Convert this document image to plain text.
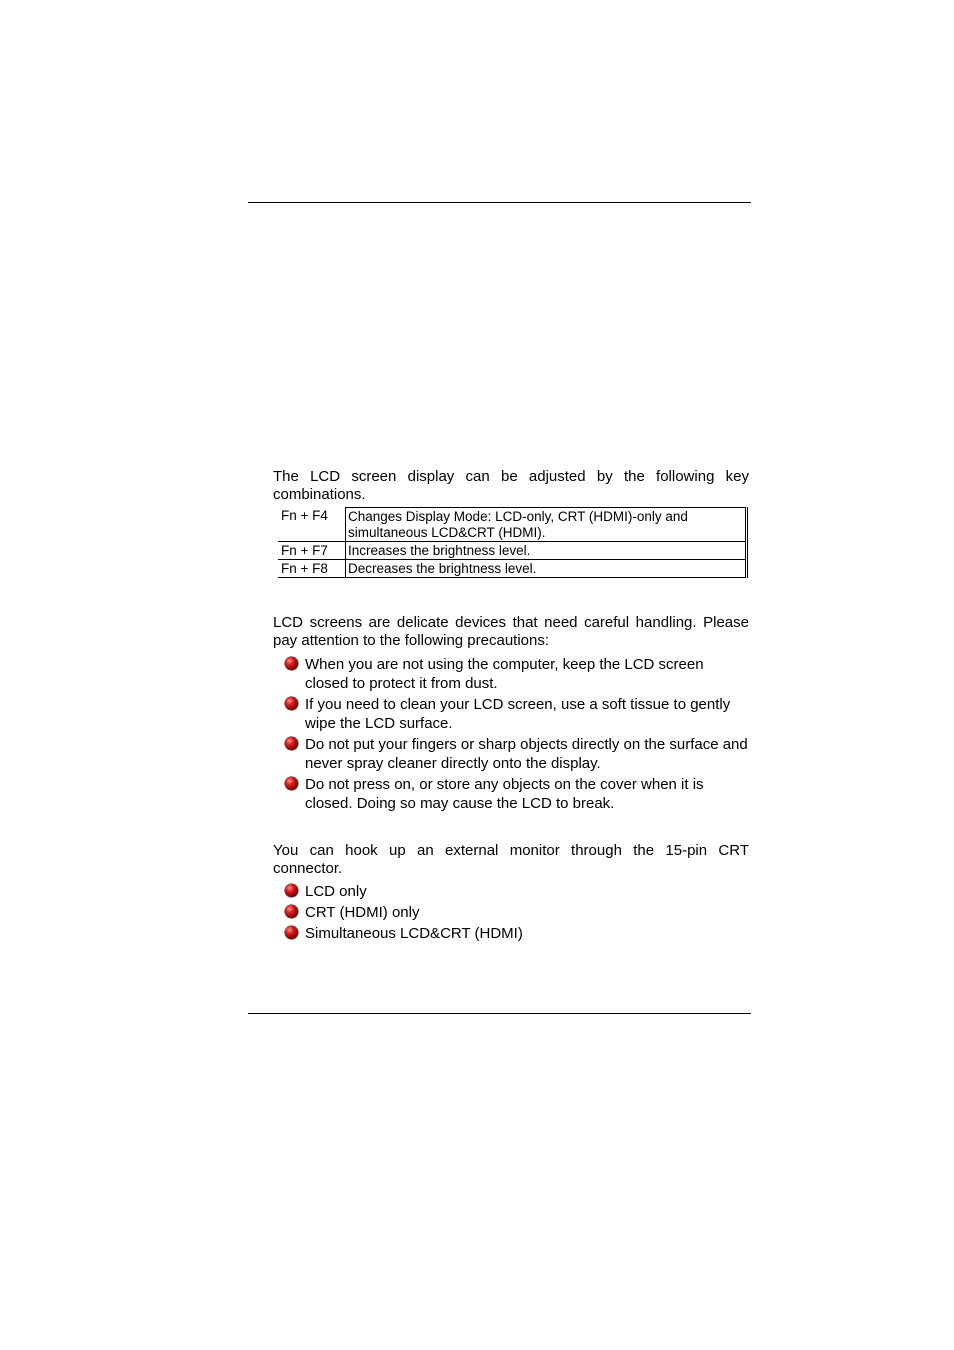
The LCD screen display can be adjusted by the following key combinations.

Fn + F4	Changes Display Mode: LCD-only, CRT (HDMI)-only and simultaneous LCD&CRT (HDMI).
Fn + F7	Increases the brightness level.
Fn + F8	Decreases the brightness level.

LCD screens are delicate devices that need careful handling. Please pay attention to the following precautions:

When you are not using the computer, keep the LCD screen closed to protect it from dust.
If you need to clean your LCD screen, use a soft tissue to gently wipe the LCD surface.
Do not put your fingers or sharp objects directly on the surface and never spray cleaner directly onto the display.
Do not press on, or store any objects on the cover when it is closed. Doing so may cause the LCD to break.

You can hook up an external monitor through the 15-pin CRT connector.

LCD only
CRT (HDMI) only
Simultaneous LCD&CRT (HDMI)
